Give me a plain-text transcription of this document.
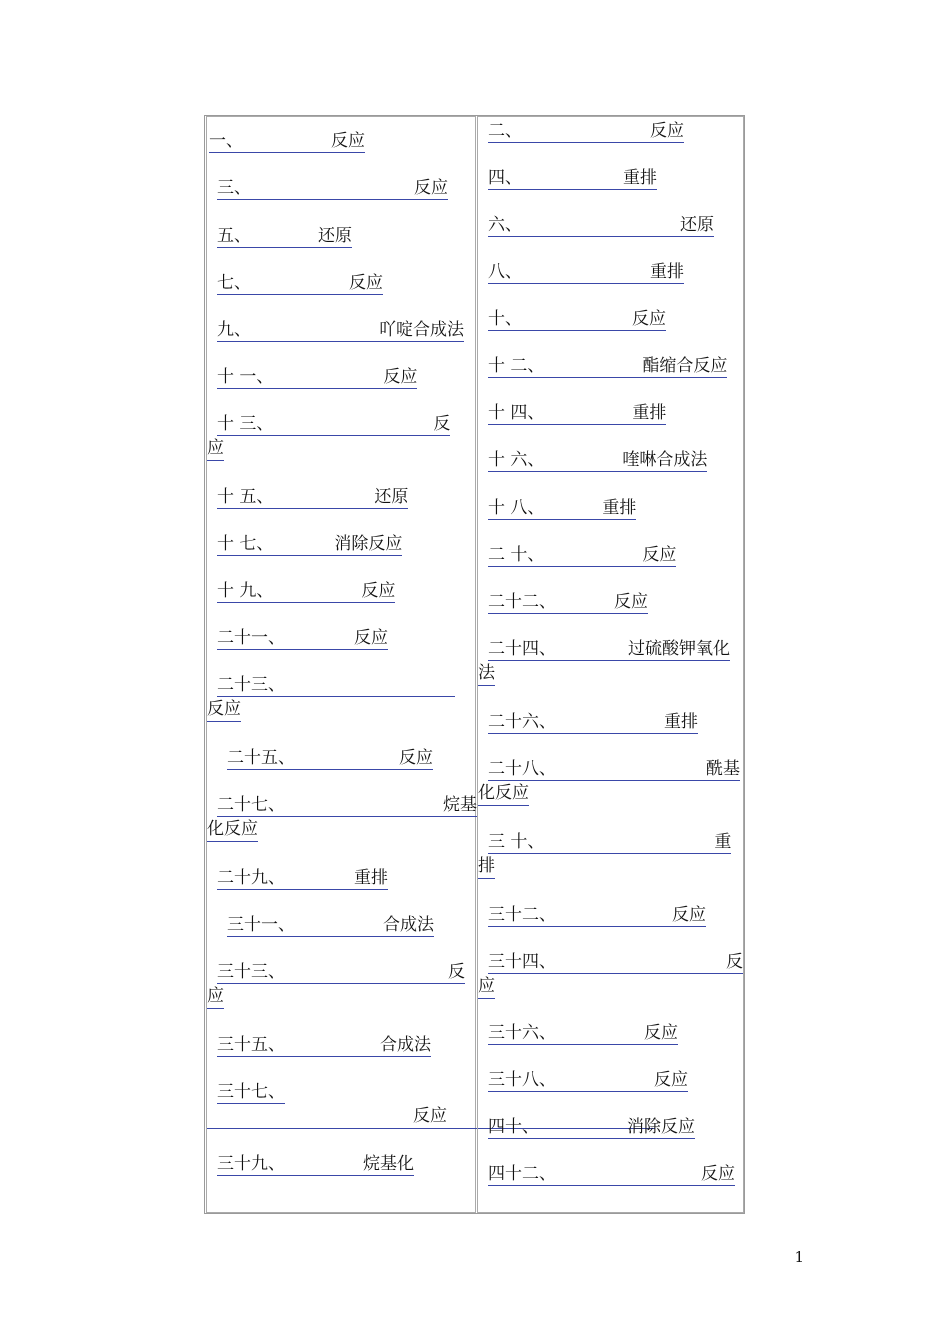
一、	反应
三、	反应
五、	还原
七、	反应
九、	吖啶合成法
十 一、	反应
十 三、	反
应
十 五、	还原
十 七、	消除反应
十 九、	反应
二十一、	反应
二十三、
反应
二十五、	反应
二十七、	烷基
化反应
二十九、	重排
三十一、	合成法
三十三、	反
应
三十五、	合成法
三十七、
反应
三十九、	烷基化
二、	反应
四、	重排
六、	还原
八、	重排
十、	反应
十 二、	酯缩合反应
十 四、	重排
十 六、	喹啉合成法
十 八、	重排
二 十、	反应
二十二、	反应
二十四、	过硫酸钾氧化
法
二十六、	重排
二十八、	酰基
化反应
三 十、	重
排
三十二、	反应
三十四、	反
应
三十六、	反应
三十八、	反应
四十、	消除反应
四十二、	反应
1
